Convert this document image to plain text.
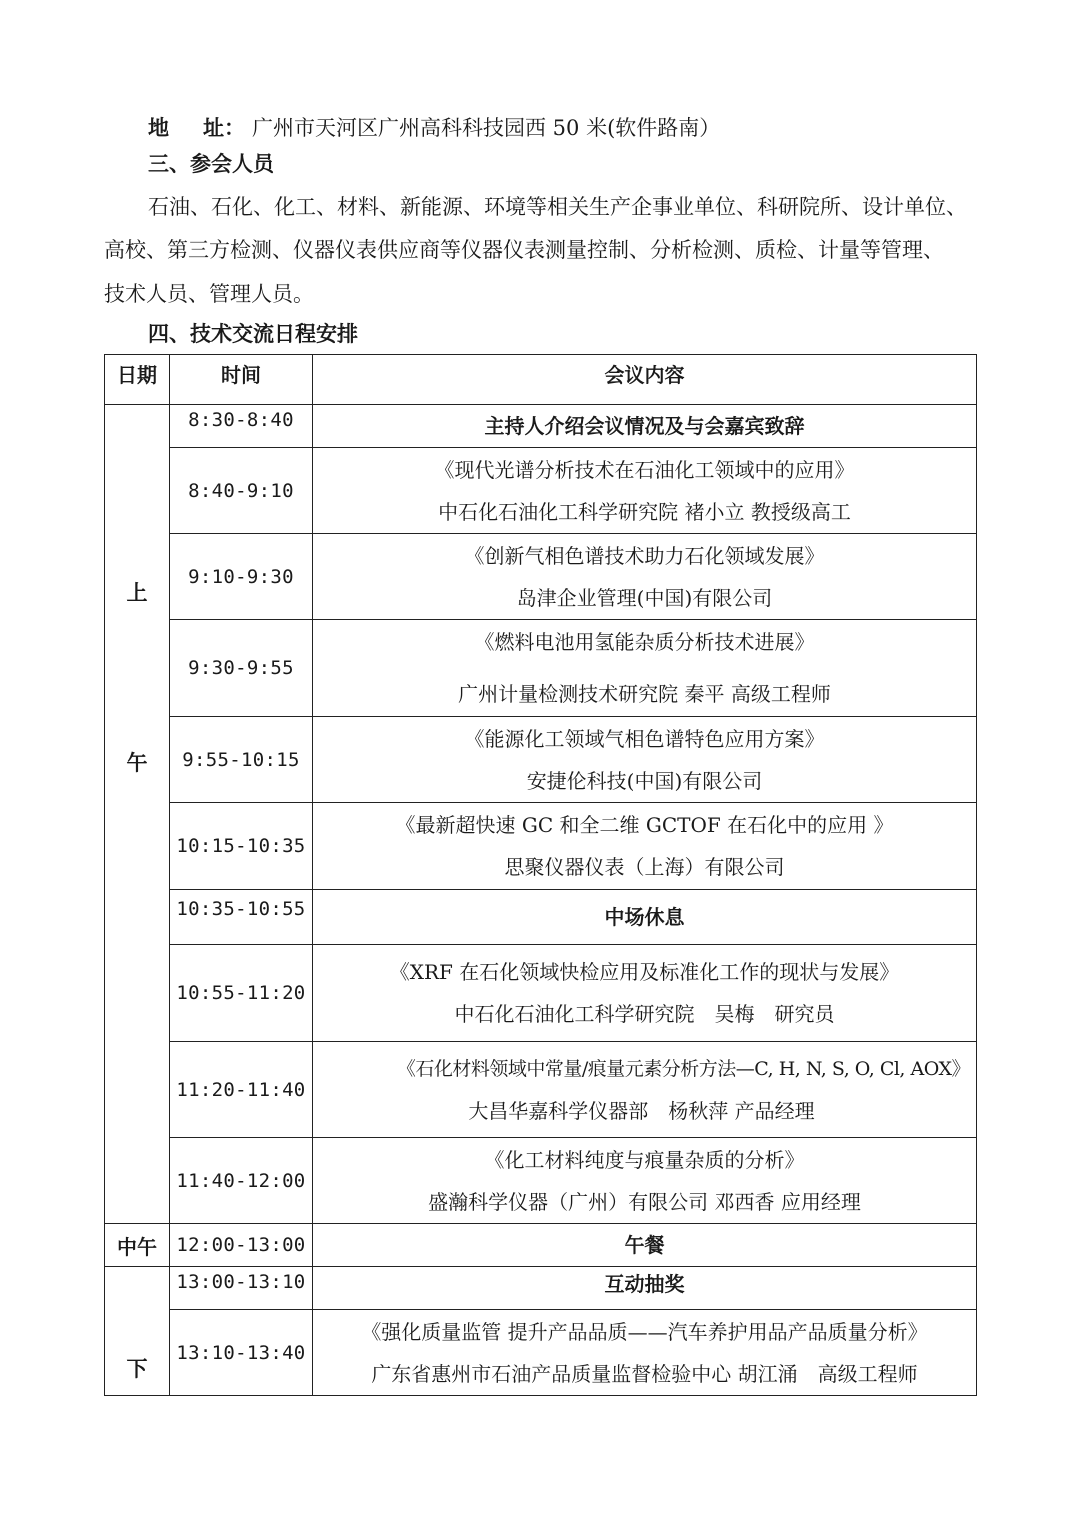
地 址： 广州市天河区广州高科科技园西 50 米(软件路南）
三、参会人员
石油、石化、化工、材料、新能源、环境等相关生产企事业单位、科研院所、设计单位、
高校、第三方检测、仪器仪表供应商等仪器仪表测量控制、分析检测、质检、计量等管理、
技术人员、管理人员。
四、技术交流日程安排
日期	时间	会议内容

上
午	8:30-8:40	主持人介绍会议情况及与会嘉宾致辞

	8:40-9:10	《现代光谱分析技术在石油化工领域中的应用》
中石化石油化工科学研究院 褚小立 教授级高工

	9:10-9:30	《创新气相色谱技术助力石化领域发展》
岛津企业管理(中国)有限公司

	9:30-9:55	《燃料电池用氢能杂质分析技术进展》
广州计量检测技术研究院 秦平 高级工程师

	9:55-10:15	《能源化工领域气相色谱特色应用方案》
安捷伦科技(中国)有限公司

	10:15-10:35	《最新超快速 GC 和全二维 GCTOF 在石化中的应用 》
思聚仪器仪表（上海）有限公司

	10:35-10:55	中场休息

	10:55-11:20	《XRF 在石化领域快检应用及标准化工作的现状与发展》
中石化石油化工科学研究院　吴梅　研究员

	11:20-11:40	《石化材料领域中常量/痕量元素分析方法—C, H, N, S, O, Cl, AOX》
大昌华嘉科学仪器部　杨秋萍 产品经理

	11:40-12:00	《化工材料纯度与痕量杂质的分析》
盛瀚科学仪器（广州）有限公司 邓西香 应用经理

中午	12:00-13:00	午餐

下	13:00-13:10	互动抽奖

	13:10-13:40	《强化质量监管 提升产品品质——汽车养护用品产品质量分析》
广东省惠州市石油产品质量监督检验中心 胡江涌　高级工程师
